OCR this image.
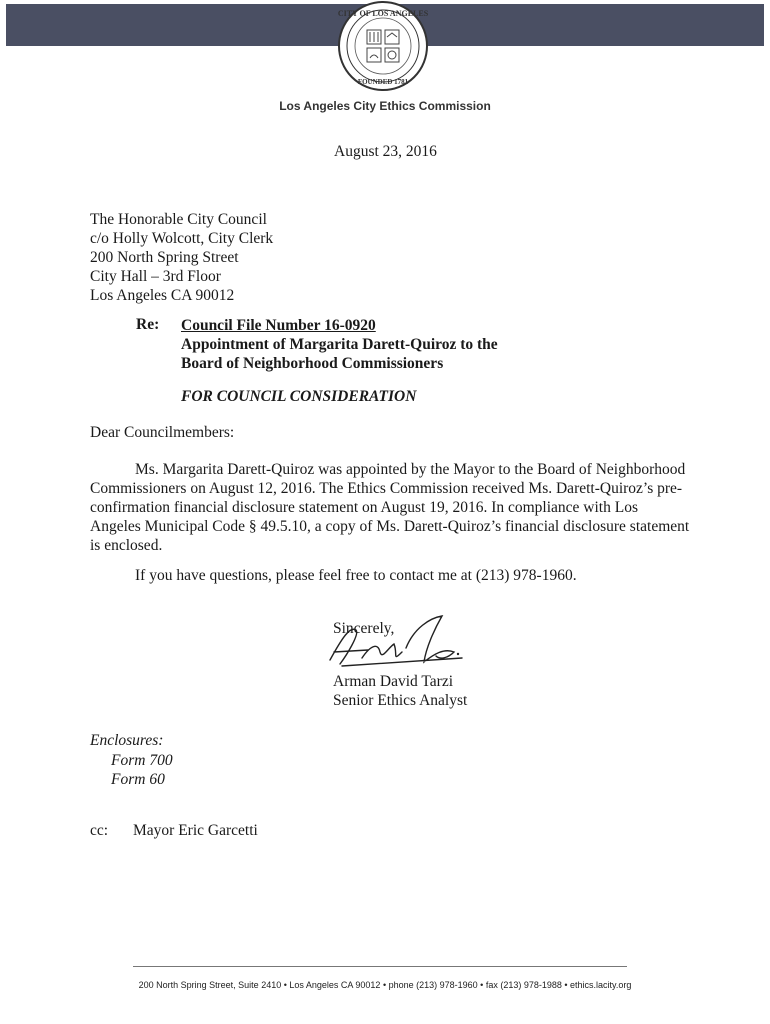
CITY OF LOS ANGELES
FOUNDED 1781
Los Angeles City Ethics Commission
August 23, 2016
The Honorable City Council
c/o Holly Wolcott, City Clerk
200 North Spring Street
City Hall – 3rd Floor
Los Angeles CA 90012
Re: Council File Number 16-0920
Appointment of Margarita Darett-Quiroz to the
Board of Neighborhood Commissioners
FOR COUNCIL CONSIDERATION
Dear Councilmembers:
Ms. Margarita Darett-Quiroz was appointed by the Mayor to the Board of Neighborhood
Commissioners on August 12, 2016. The Ethics Commission received Ms. Darett-Quiroz’s pre-
confirmation financial disclosure statement on August 19, 2016. In compliance with Los
Angeles Municipal Code § 49.5.10, a copy of Ms. Darett-Quiroz’s financial disclosure statement
is enclosed.
If you have questions, please feel free to contact me at (213) 978-1960.
Sincerely,
Arman David Tarzi
Senior Ethics Analyst
Enclosures:
Form 700
Form 60
cc: Mayor Eric Garcetti
200 North Spring Street, Suite 2410 • Los Angeles CA 90012 • phone (213) 978-1960 • fax (213) 978-1988 • ethics.lacity.org
